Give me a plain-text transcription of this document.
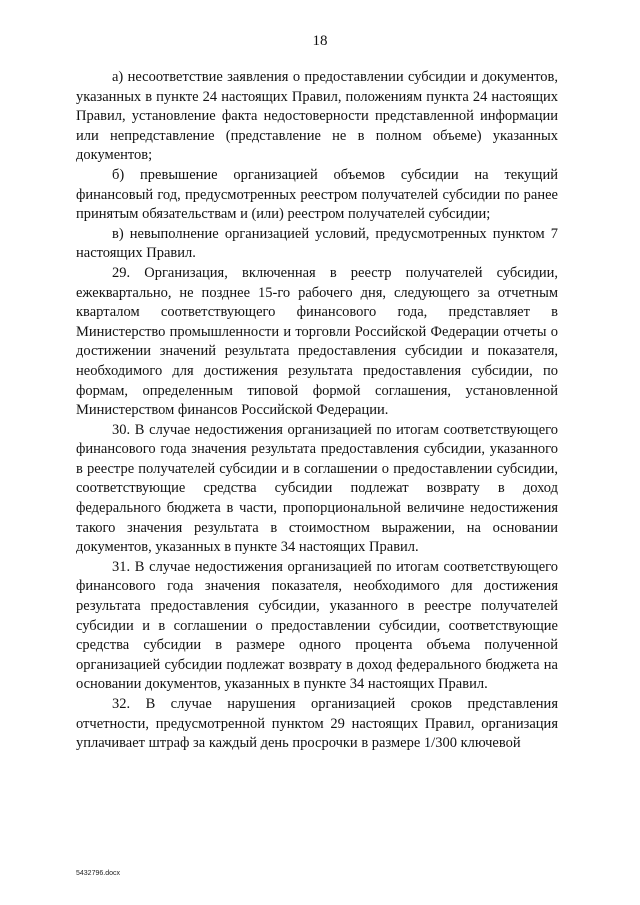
18

а) несоответствие заявления о предоставлении субсидии и документов, указанных в пункте 24 настоящих Правил, положениям пункта 24 настоящих Правил, установление факта недостоверности представленной информации или непредставление (представление не в полном объеме) указанных документов;

б) превышение организацией объемов субсидии на текущий финансовый год, предусмотренных реестром получателей субсидии по ранее принятым обязательствам и (или) реестром получателей субсидии;

в) невыполнение организацией условий, предусмотренных пунктом 7 настоящих Правил.

29. Организация, включенная в реестр получателей субсидии, ежеквартально, не позднее 15-го рабочего дня, следующего за отчетным кварталом соответствующего финансового года, представляет в Министерство промышленности и торговли Российской Федерации отчеты о достижении значений результата предоставления субсидии и показателя, необходимого для достижения результата предоставления субсидии, по формам, определенным типовой формой соглашения, установленной Министерством финансов Российской Федерации.

30. В случае недостижения организацией по итогам соответствующего финансового года значения результата предоставления субсидии, указанного в реестре получателей субсидии и в соглашении о предоставлении субсидии, соответствующие средства субсидии подлежат возврату в доход федерального бюджета в части, пропорциональной величине недостижения такого значения результата в стоимостном выражении, на основании документов, указанных в пункте 34 настоящих Правил.

31. В случае недостижения организацией по итогам соответствующего финансового года значения показателя, необходимого для достижения результата предоставления субсидии, указанного в реестре получателей субсидии и в соглашении о предоставлении субсидии, соответствующие средства субсидии в размере одного процента объема полученной организацией субсидии подлежат возврату в доход федерального бюджета на основании документов, указанных в пункте 34 настоящих Правил.

32. В случае нарушения организацией сроков представления отчетности, предусмотренной пунктом 29 настоящих Правил, организация уплачивает штраф за каждый день просрочки в размере 1/300 ключевой

5432796.docx
